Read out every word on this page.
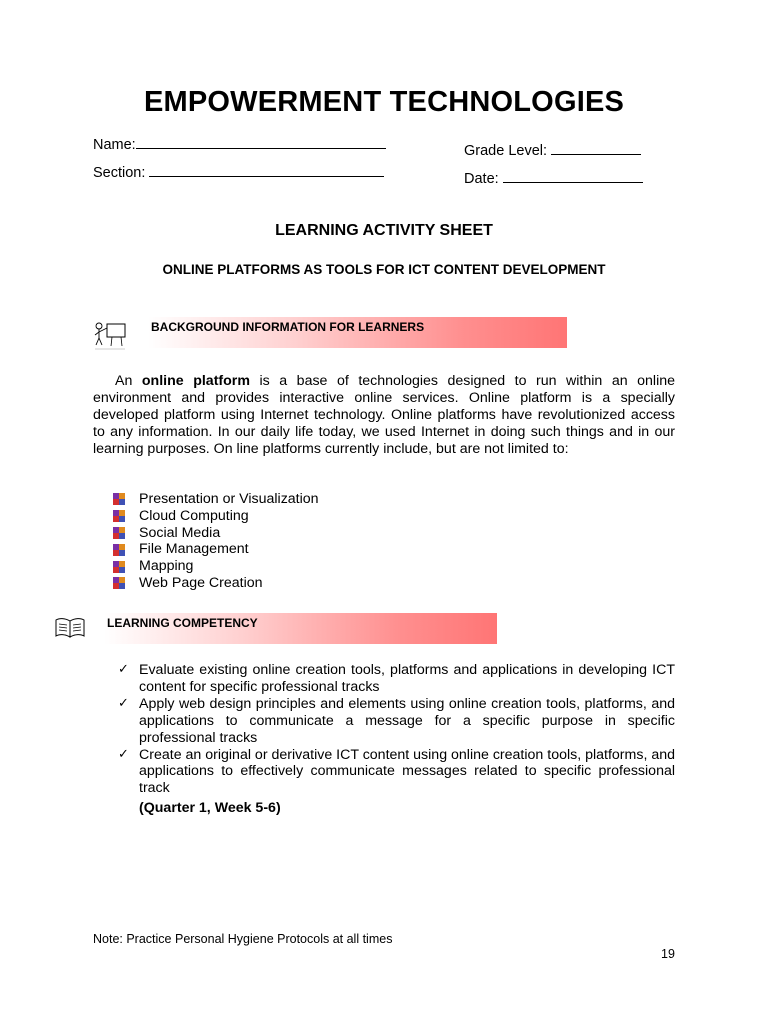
EMPOWERMENT TECHNOLOGIES
Name:
Section:
Grade Level:
Date:
LEARNING ACTIVITY SHEET
ONLINE PLATFORMS AS TOOLS FOR ICT CONTENT DEVELOPMENT
BACKGROUND INFORMATION FOR LEARNERS

An online platform is a base of technologies designed to run within an online environment and provides interactive online services. Online platform is a specially developed platform using Internet technology. Online platforms have revolutionized access to any information. In our daily life today, we used Internet in doing such things and in our learning purposes. On line platforms currently include, but are not limited to:

Presentation or Visualization
Cloud Computing
Social Media
File Management
Mapping
Web Page Creation
LEARNING COMPETENCY
✓ Evaluate existing online creation tools, platforms and applications in developing ICT content for specific professional tracks
✓ Apply web design principles and elements using online creation tools, platforms, and applications to communicate a message for a specific purpose in specific professional tracks
✓ Create an original or derivative ICT content using online creation tools, platforms, and applications to effectively communicate messages related to specific professional track
(Quarter 1, Week 5-6)
Note: Practice Personal Hygiene Protocols at all times
19
